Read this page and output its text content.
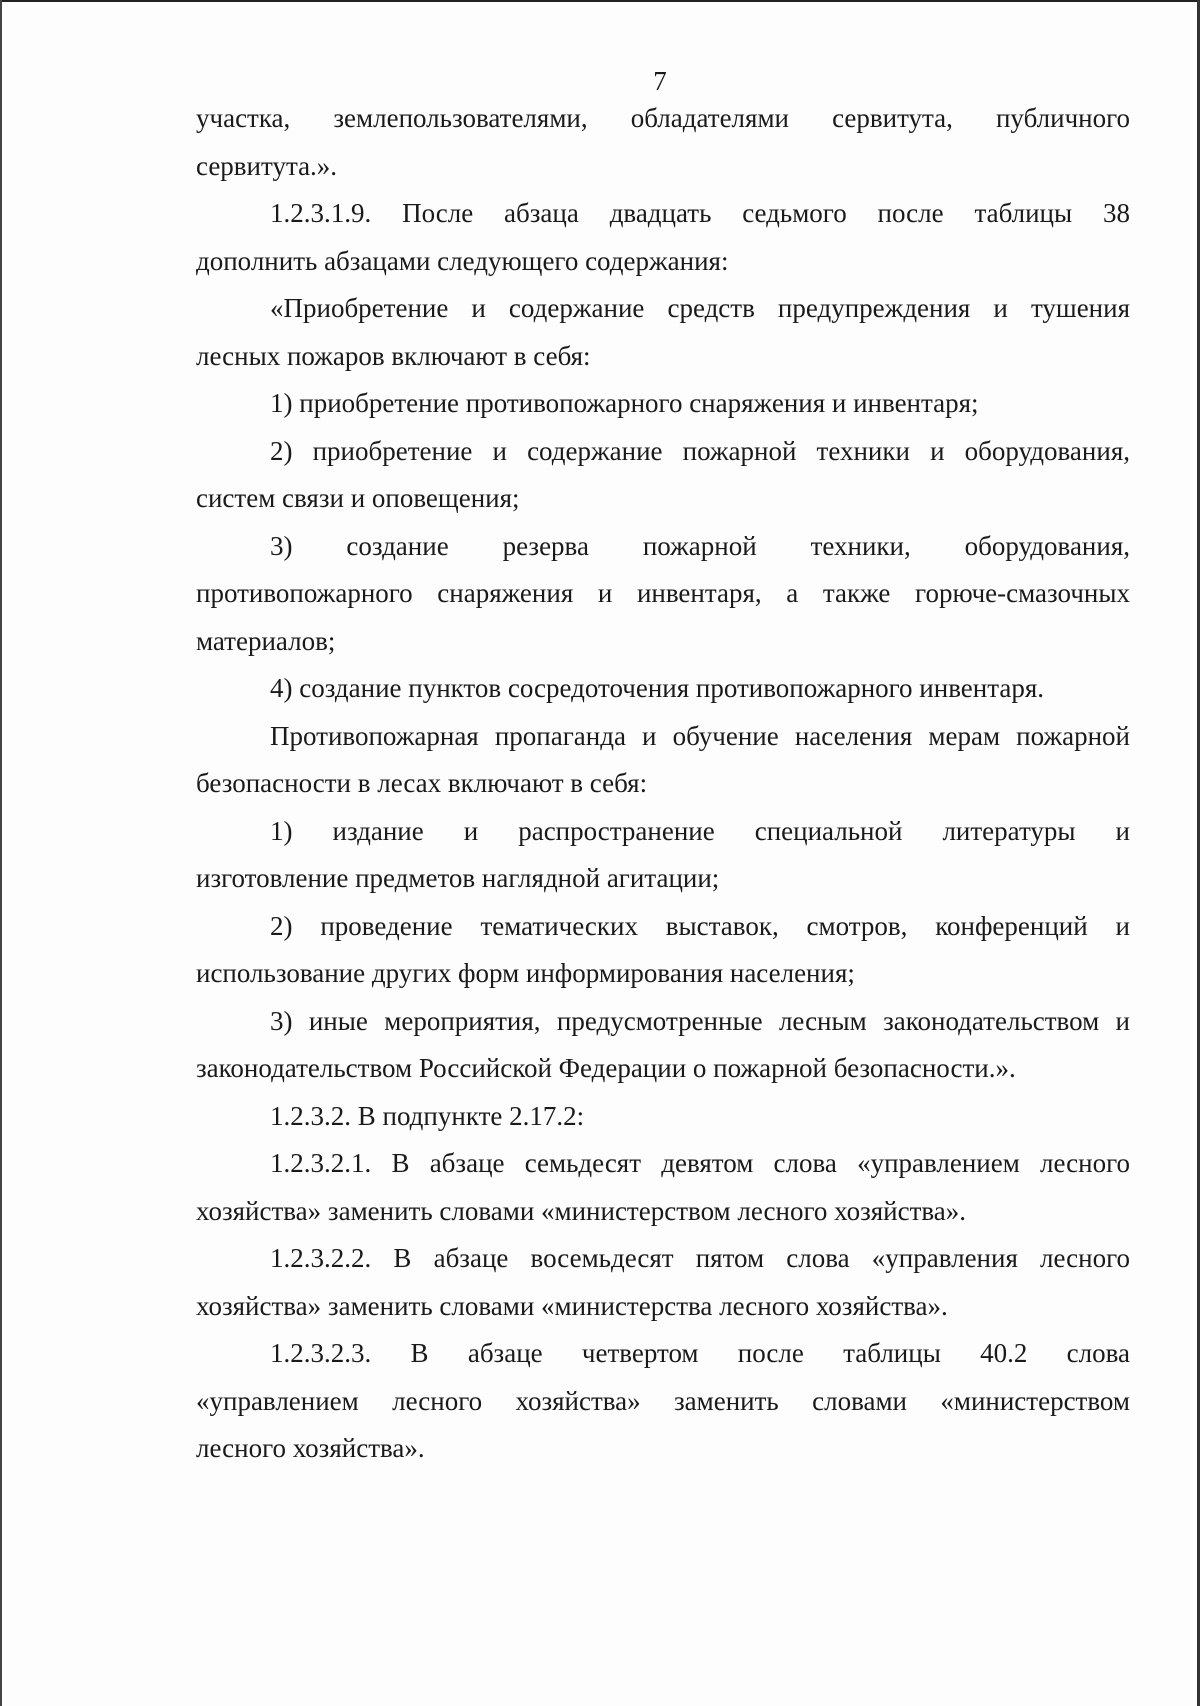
7

участка, землепользователями, обладателями сервитута, публичного
сервитута.».

1.2.3.1.9. После абзаца двадцать седьмого после таблицы 38
дополнить абзацами следующего содержания:

«Приобретение и содержание средств предупреждения и тушения
лесных пожаров включают в себя:

1) приобретение противопожарного снаряжения и инвентаря;

2) приобретение и содержание пожарной техники и оборудования,
систем связи и оповещения;

3) создание резерва пожарной техники, оборудования,
противопожарного снаряжения и инвентаря, а также горюче-смазочных
материалов;

4) создание пунктов сосредоточения противопожарного инвентаря.

Противопожарная пропаганда и обучение населения мерам пожарной
безопасности в лесах включают в себя:

1) издание и распространение специальной литературы и
изготовление предметов наглядной агитации;

2) проведение тематических выставок, смотров, конференций и
использование других форм информирования населения;

3) иные мероприятия, предусмотренные лесным законодательством и
законодательством Российской Федерации о пожарной безопасности.».

1.2.3.2. В подпункте 2.17.2:

1.2.3.2.1. В абзаце семьдесят девятом слова «управлением лесного
хозяйства» заменить словами «министерством лесного хозяйства».

1.2.3.2.2. В абзаце восемьдесят пятом слова «управления лесного
хозяйства» заменить словами «министерства лесного хозяйства».

1.2.3.2.3. В абзаце четвертом после таблицы 40.2 слова
«управлением лесного хозяйства» заменить словами «министерством
лесного хозяйства».
